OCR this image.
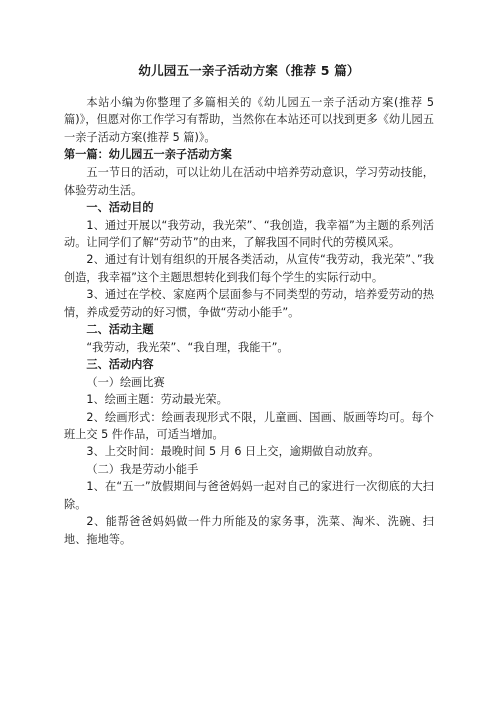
幼儿园五一亲子活动方案（推荐 5 篇）

本站小编为你整理了多篇相关的《幼儿园五一亲子活动方案(推荐 5 篇)》，但愿对你工作学习有帮助，当然你在本站还可以找到更多《幼儿园五一亲子活动方案(推荐 5 篇)》。

第一篇：幼儿园五一亲子活动方案

五一节日的活动，可以让幼儿在活动中培养劳动意识，学习劳动技能，体验劳动生活。

一、活动目的

1、通过开展以“我劳动，我光荣”、“我创造，我幸福”为主题的系列活动。让同学们了解“劳动节”的由来，了解我国不同时代的劳模风采。

2、通过有计划有组织的开展各类活动，从宣传“我劳动，我光荣”、”我创造，我幸福”这个主题思想转化到我们每个学生的实际行动中。

3、通过在学校、家庭两个层面参与不同类型的劳动，培养爱劳动的热情，养成爱劳动的好习惯，争做“劳动小能手”。

二、活动主题

“我劳动，我光荣”、“我自理，我能干”。

三、活动内容

（一）绘画比赛

1、绘画主题：劳动最光荣。

2、绘画形式：绘画表现形式不限，儿童画、国画、版画等均可。每个班上交 5 件作品，可适当增加。

3、上交时间：最晚时间 5 月 6 日上交，逾期做自动放弃。

（二）我是劳动小能手

1、在“五一”放假期间与爸爸妈妈一起对自己的家进行一次彻底的大扫除。

2、能帮爸爸妈妈做一件力所能及的家务事，洗菜、淘米、洗碗、扫地、拖地等。
